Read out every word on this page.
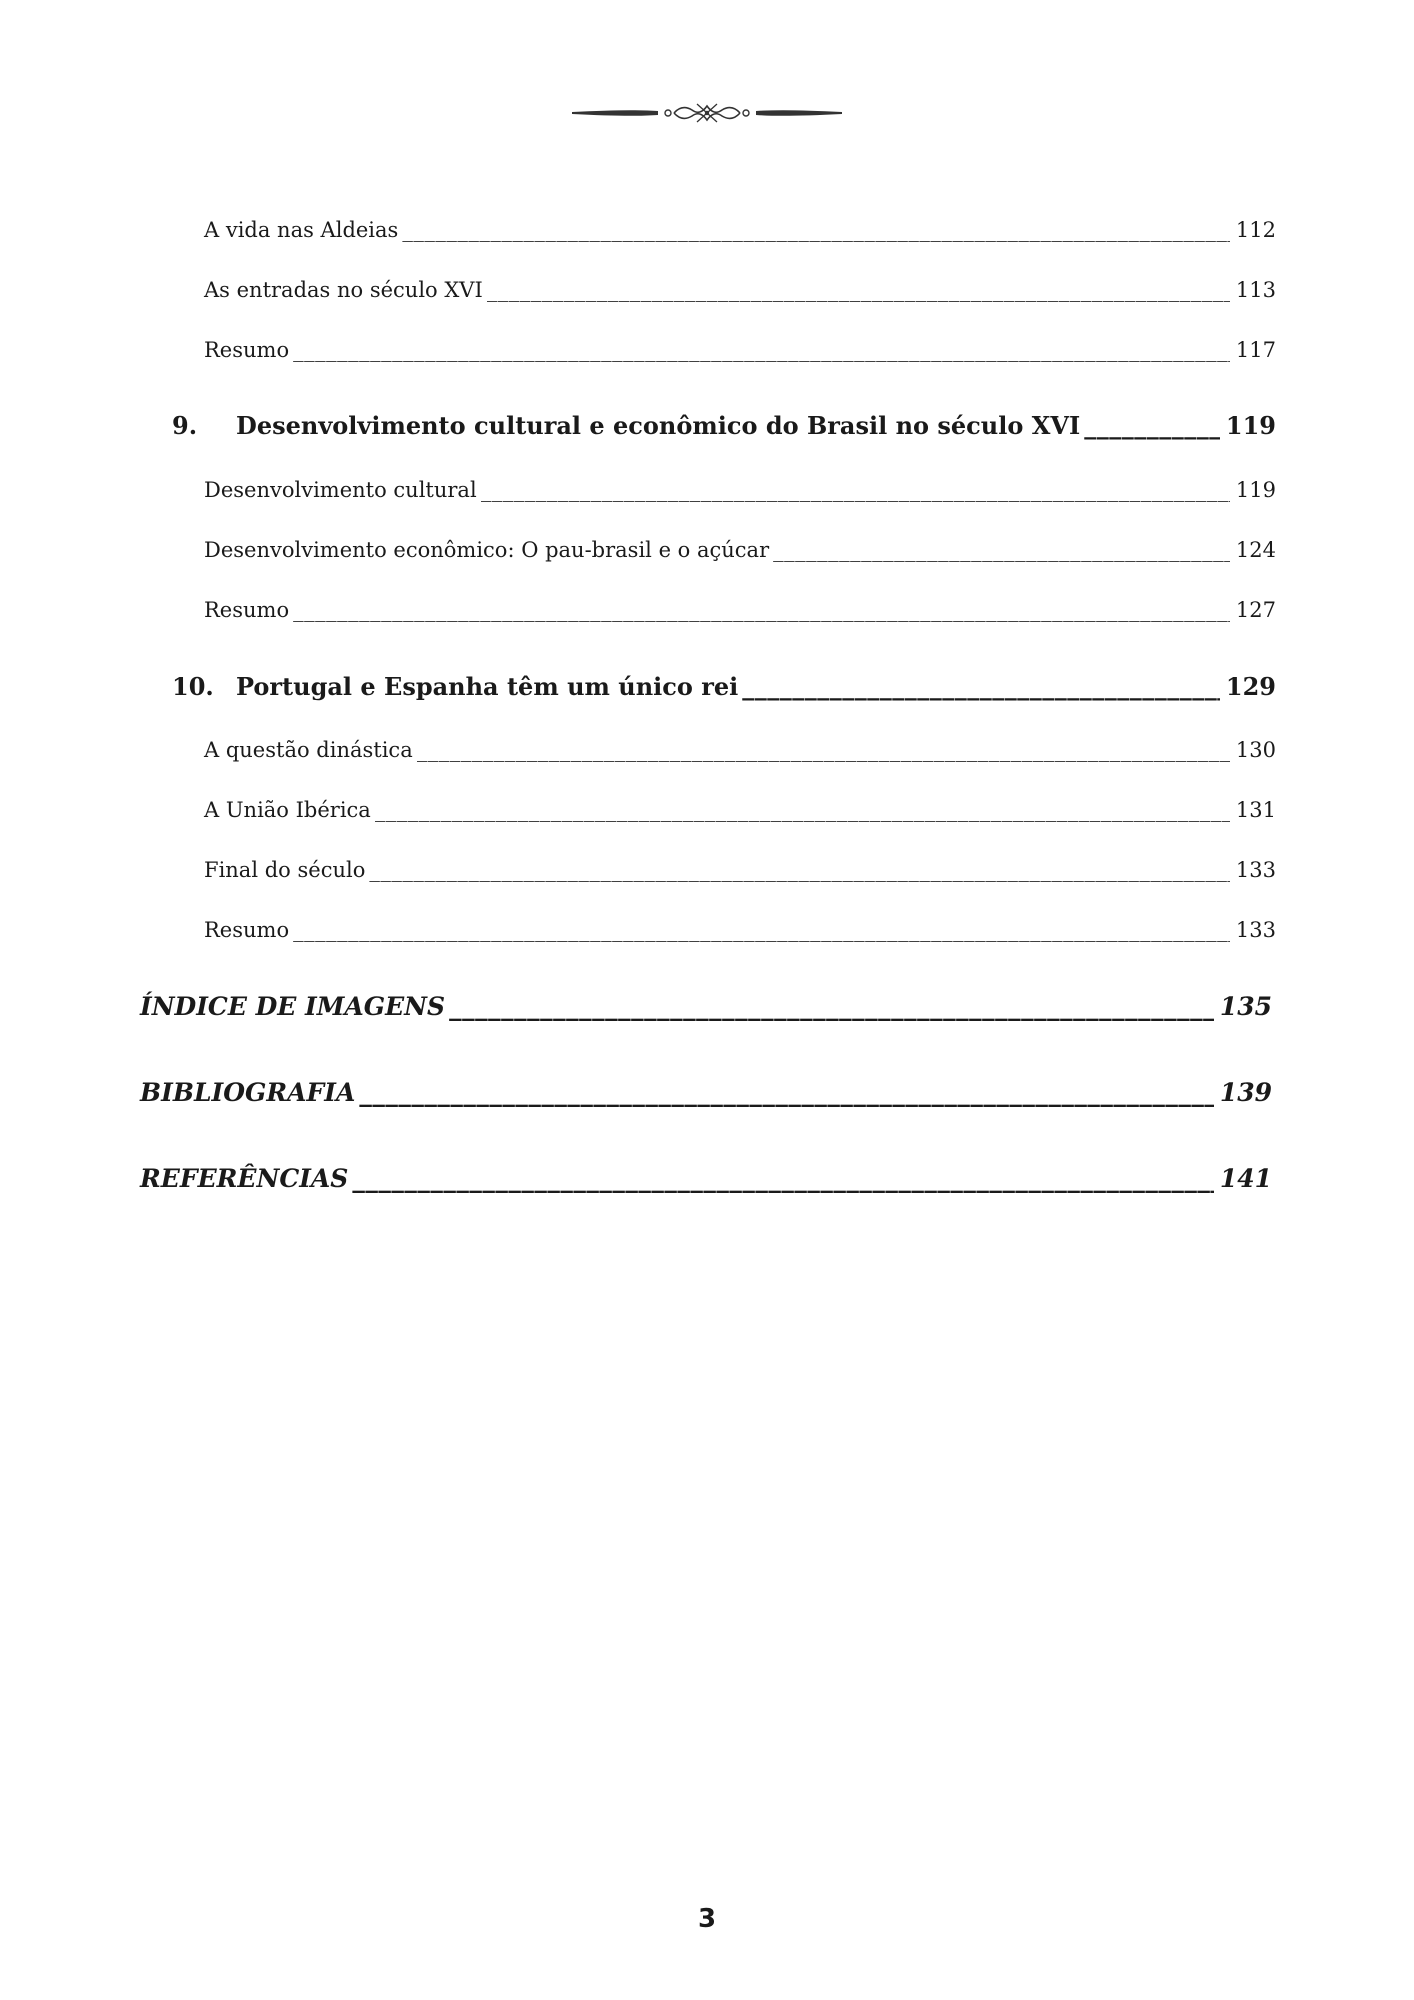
A vida nas Aldeias _____	112
As entradas no século XVI _____	113
Resumo _____	117
9.	Desenvolvimento cultural e econômico do Brasil no século XVI _____	119
Desenvolvimento cultural _____	119
Desenvolvimento econômico: O pau-brasil e o açúcar _____	124
Resumo _____	127
10. Portugal e Espanha têm um único rei _____	129
A questão dinástica _____	130
A União Ibérica _____	131
Final do século _____	133
Resumo _____	133
ÍNDICE DE IMAGENS _____	135
BIBLIOGRAFIA _____	139
REFERÊNCIAS _____	141
3
